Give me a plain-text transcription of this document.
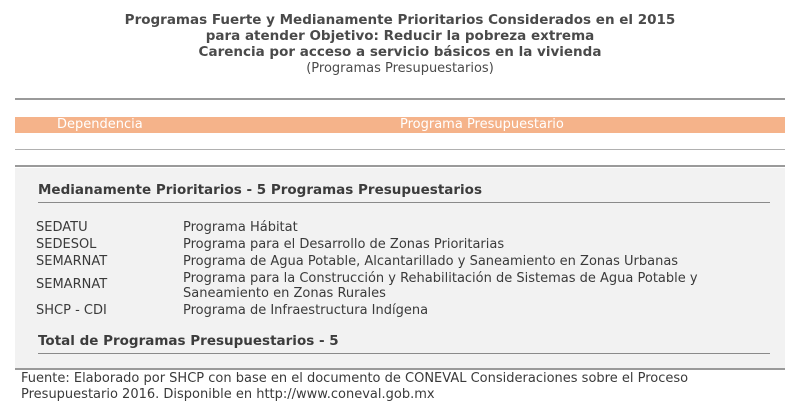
Programas Fuerte y Medianamente Prioritarios Considerados en el 2015
para atender Objetivo: Reducir la pobreza extrema
Carencia por acceso a servicio básicos en la vivienda
(Programas Presupuestarios)
Dependencia	Programa Presupuestario
Medianamente Prioritarios - 5 Programas Presupuestarios
SEDATU	Programa Hábitat
SEDESOL	Programa para el Desarrollo de Zonas Prioritarias
SEMARNAT	Programa de Agua Potable, Alcantarillado y Saneamiento en Zonas Urbanas
SEMARNAT	Programa para la Construcción y Rehabilitación de Sistemas de Agua Potable y Saneamiento en Zonas Rurales
SHCP - CDI	Programa de Infraestructura Indígena
Total de Programas Presupuestarios - 5
Fuente: Elaborado por SHCP con base en el documento de CONEVAL Consideraciones sobre el Proceso Presupuestario 2016. Disponible en http://www.coneval.gob.mx
